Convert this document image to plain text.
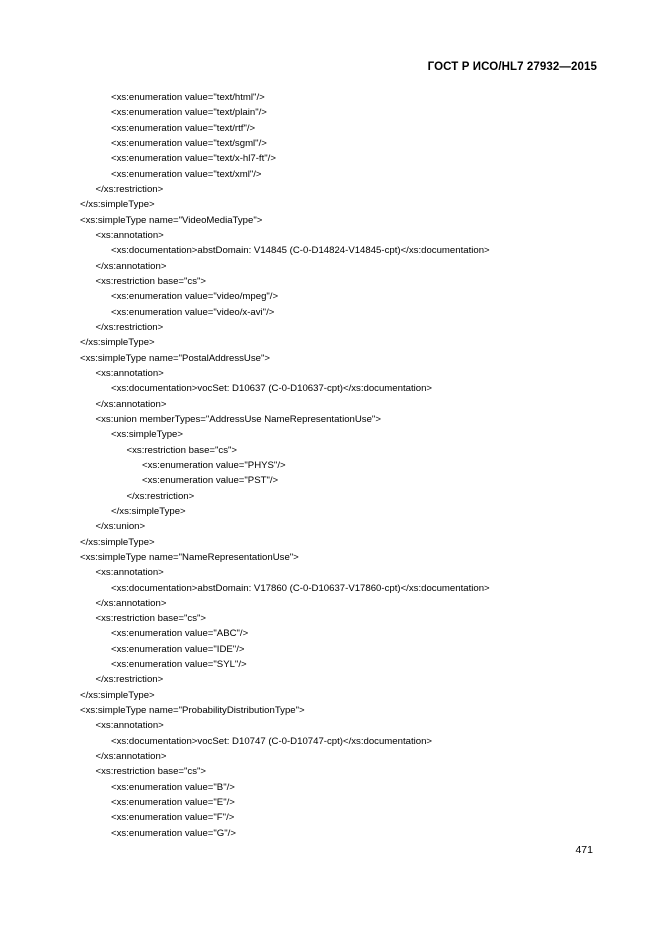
ГОСТ Р ИСО/HL7 27932—2015
<xs:enumeration value="text/html"/>
<xs:enumeration value="text/plain"/>
<xs:enumeration value="text/rtf"/>
<xs:enumeration value="text/sgml"/>
<xs:enumeration value="text/x-hl7-ft"/>
<xs:enumeration value="text/xml"/>
</xs:restriction>
</xs:simpleType>
<xs:simpleType name="VideoMediaType">
<xs:annotation>
<xs:documentation>abstDomain: V14845 (C-0-D14824-V14845-cpt)</xs:documentation>
</xs:annotation>
<xs:restriction base="cs">
<xs:enumeration value="video/mpeg"/>
<xs:enumeration value="video/x-avi"/>
</xs:restriction>
</xs:simpleType>
<xs:simpleType name="PostalAddressUse">
<xs:annotation>
<xs:documentation>vocSet: D10637 (C-0-D10637-cpt)</xs:documentation>
</xs:annotation>
<xs:union memberTypes="AddressUse NameRepresentationUse">
<xs:simpleType>
<xs:restriction base="cs">
<xs:enumeration value="PHYS"/>
<xs:enumeration value="PST"/>
</xs:restriction>
</xs:simpleType>
</xs:union>
</xs:simpleType>
<xs:simpleType name="NameRepresentationUse">
<xs:annotation>
<xs:documentation>abstDomain: V17860 (C-0-D10637-V17860-cpt)</xs:documentation>
</xs:annotation>
<xs:restriction base="cs">
<xs:enumeration value="ABC"/>
<xs:enumeration value="IDE"/>
<xs:enumeration value="SYL"/>
</xs:restriction>
</xs:simpleType>
<xs:simpleType name="ProbabilityDistributionType">
<xs:annotation>
<xs:documentation>vocSet: D10747 (C-0-D10747-cpt)</xs:documentation>
</xs:annotation>
<xs:restriction base="cs">
<xs:enumeration value="B"/>
<xs:enumeration value="E"/>
<xs:enumeration value="F"/>
<xs:enumeration value="G"/>
471
